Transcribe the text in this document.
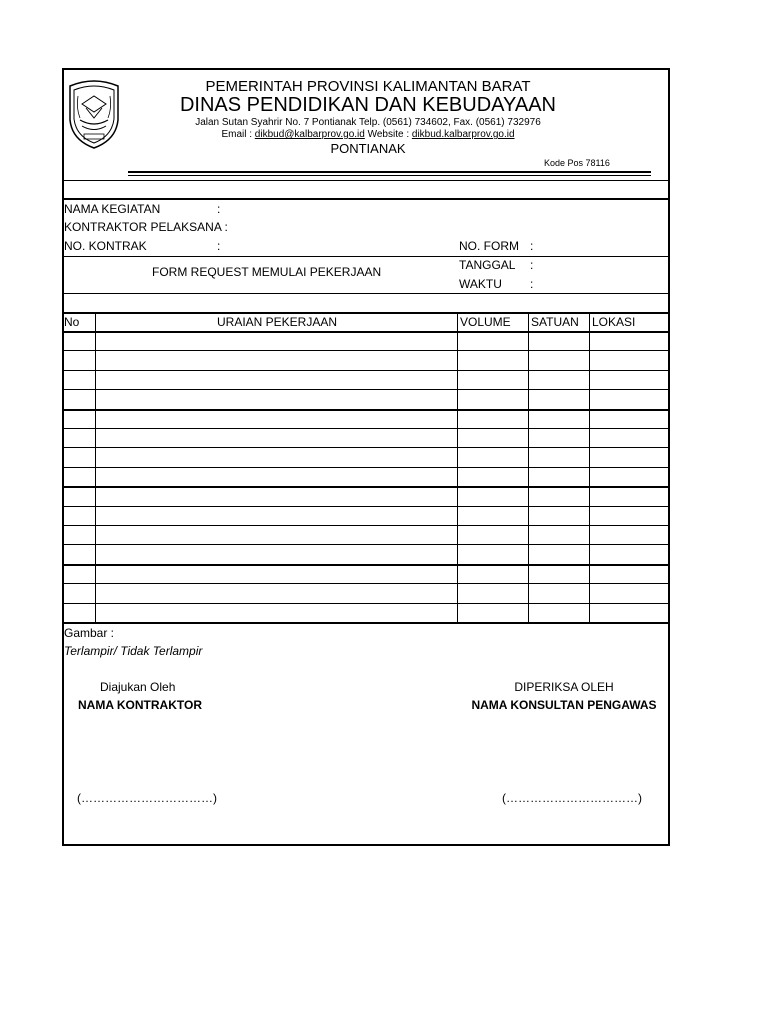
PEMERINTAH PROVINSI KALIMANTAN BARAT
DINAS PENDIDIKAN DAN KEBUDAYAAN
Jalan Sutan Syahrir No. 7 Pontianak Telp. (0561) 734602, Fax. (0561) 732976
Email : dikbud@kalbarprov.go.id Website : dikbud.kalbarprov.go.id
PONTIANAK
Kode Pos 78116
NAMA KEGIATAN	:
KONTRAKTOR PELAKSANA :
NO. KONTRAK	:	NO. FORM :
FORM REQUEST MEMULAI PEKERJAAN	TANGGAL :
WAKTU :
No	URAIAN PEKERJAAN	VOLUME SATUAN LOKASI
Gambar :
Terlampir/ Tidak Terlampir
Diajukan Oleh
NAMA KONTRAKTOR
DIPERIKSA OLEH
NAMA KONSULTAN PENGAWAS
(……………………………)	(……………………………)
